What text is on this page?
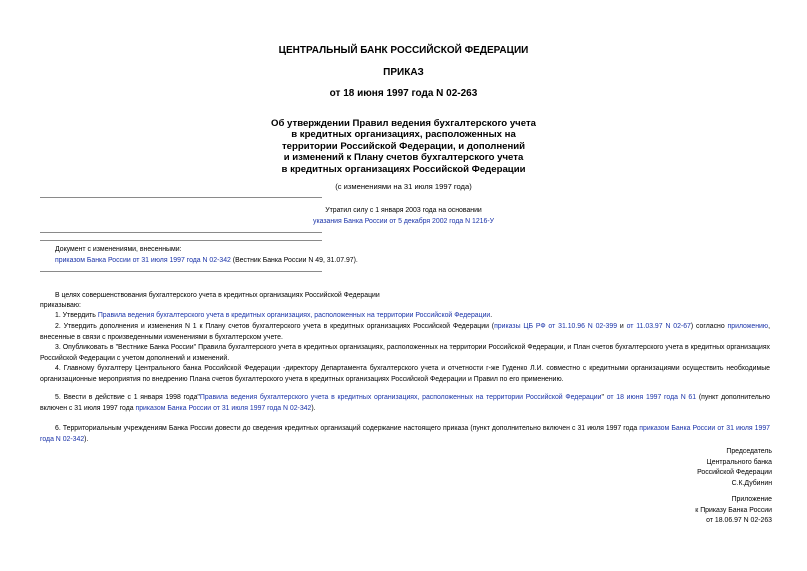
ЦЕНТРАЛЬНЫЙ БАНК РОССИЙСКОЙ ФЕДЕРАЦИИ
ПРИКАЗ
от 18 июня 1997 года N 02-263
Об утверждении Правил ведения бухгалтерского учета
в кредитных организациях, расположенных на
территории Российской Федерации, и дополнений
и изменений к Плану счетов бухгалтерского учета
в кредитных организациях Российской Федерации
(с изменениями на 31 июля 1997 года)
Утратил силу с 1 января 2003 года на основании
указания Банка России от 5 декабря 2002 года N 1216-У
Документ с изменениями, внесенными:
приказом Банка России от 31 июля 1997 года N 02-342 (Вестник Банка России N 49, 31.07.97).
В целях совершенствования бухгалтерского учета в кредитных организациях Российской Федерации
приказываю:
1. Утвердить Правила ведения бухгалтерского учета в кредитных организациях, расположенных на территории Российской Федерации.
2. Утвердить дополнения и изменения N 1 к Плану счетов бухгалтерского учета в кредитных организациях Российской Федерации (приказы ЦБ РФ от 31.10.96 N 02-399 и от 11.03.97 N 02-67) согласно приложению, внесенные в связи с произведенными изменениями в бухгалтерском учете.
3. Опубликовать в "Вестнике Банка России" Правила бухгалтерского учета в кредитных организациях, расположенных на территории Российской Федерации, и План счетов бухгалтерского учета в кредитных организациях Российской Федерации с учетом дополнений и изменений.
4. Главному бухгалтеру Центрального банка Российской Федерации -директору Департамента бухгалтерского учета и отчетности г-же Гуденко Л.И. совместно с кредитными организациями осуществить необходимые организационные мероприятия по внедрению Плана счетов бухгалтерского учета в кредитных организациях Российской Федерации и Правил по его применению.
5. Ввести в действие с 1 января 1998 года"Правила ведения бухгалтерского учета в кредитных организациях, расположенных на территории Российской Федерации" от 18 июня 1997 года N 61 (пункт дополнительно включен с 31 июля 1997 года приказом Банка России от 31 июля 1997 года N 02-342).
6. Территориальным учреждениям Банка России довести до сведения кредитных организаций содержание настоящего приказа (пункт дополнительно включен с 31 июля 1997 года приказом Банка России от 31 июля 1997 года N 02-342).
Председатель
Центрального банка
Российской Федерации
С.К.Дубинин
Приложение
к Приказу Банка России
от 18.06.97 N 02-263
